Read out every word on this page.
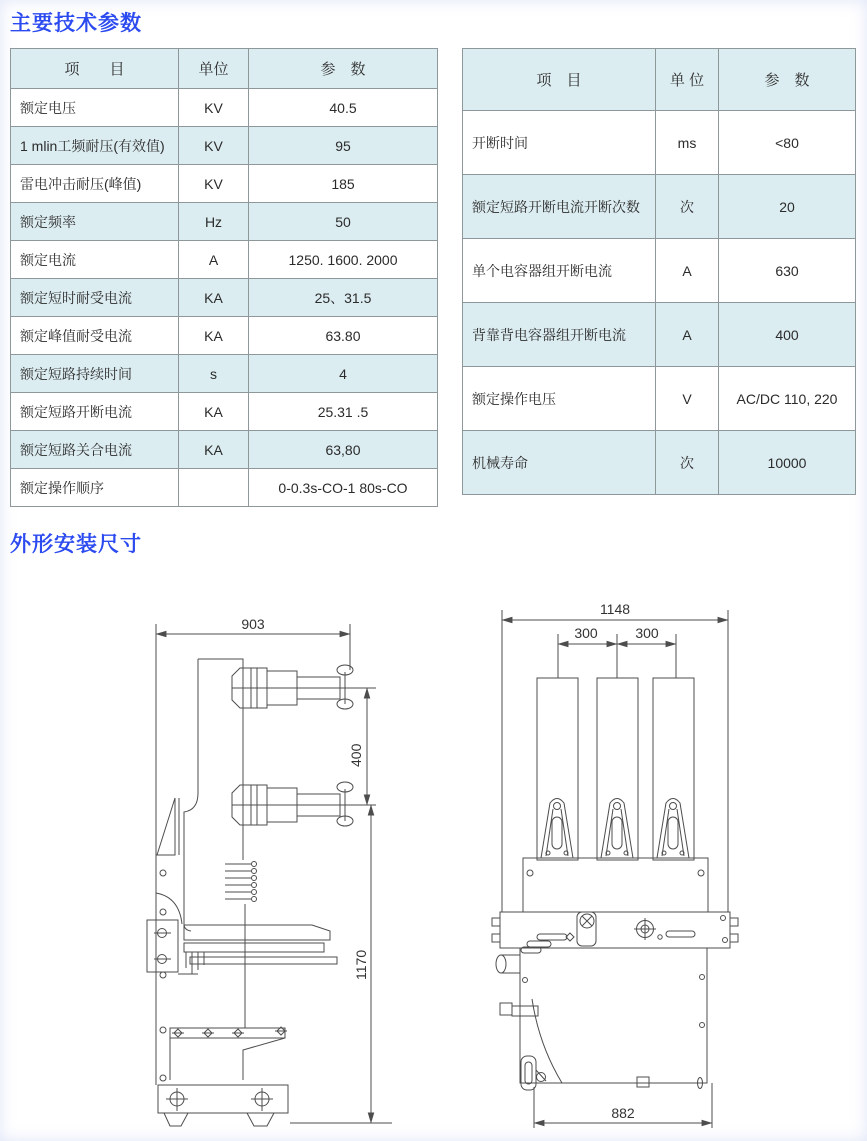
主要技术参数
项　　目	单位	参　数
额定电压	KV	40.5
1 mlin工频耐压(有效值)	KV	95
雷电冲击耐压(峰值)	KV	185
额定频率	Hz	50
额定电流	A	1250. 1600. 2000
额定短时耐受电流	KA	25、31.5
额定峰值耐受电流	KA	63.80
额定短路持续时间	s	4
额定短路开断电流	KA	25.31 .5
额定短路关合电流	KA	63,80
额定操作顺序		0-0.3s-CO-1 80s-CO
项　目	单 位	参　数
开断时间	ms	<80
额定短路开断电流开断次数	次	20
单个电容器组开断电流	A	630
背靠背电容器组开断电流	A	400
额定操作电压	V	AC/DC 110, 220
机械寿命	次	10000
外形安装尺寸
903
400
1170
1148
300	300
882
